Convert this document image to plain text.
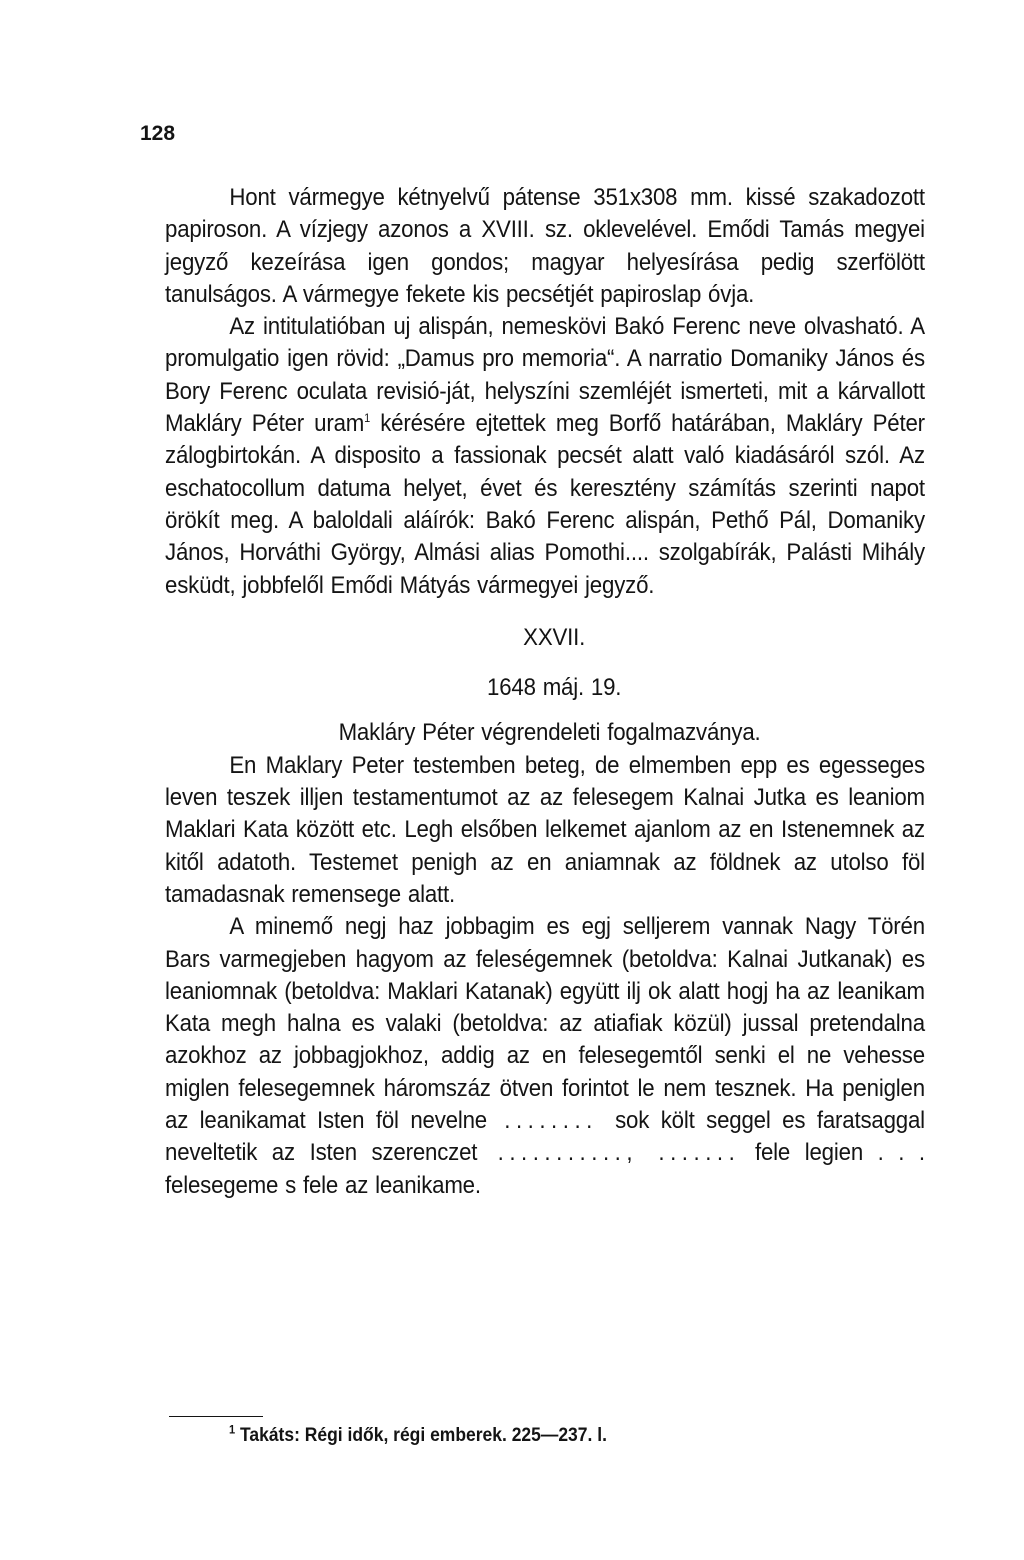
128

Hont vármegye kétnyelvű pátense 351x308 mm. kissé szakadozott papiroson. A vízjegy azonos a XVIII. sz. oklevelével. Emődi Tamás megyei jegyző kezeírása igen gondos; magyar helyesírása pedig szerfölött tanulságos. A vármegye fekete kis pecsétjét papiroslap óvja.

Az intitulatióban uj alispán, nemeskövi Bakó Ferenc neve olvasható. A promulgatio igen rövid: „Damus pro memoria“. A narratio Domaniky János és Bory Ferenc oculata revisió-ját, helyszíni szemléjét ismerteti, mit a kárvallott Makláry Péter uram$^1$ kérésére ejtettek meg Borfő határában, Makláry Péter zálogbirtokán. A disposito a fassionak pecsét alatt való kiadásáról szól. Az eschatocollum datuma helyet, évet és keresztény számítás szerinti napot örökít meg. A baloldali aláírók: Bakó Ferenc alispán, Pethő Pál, Domaniky János, Horváthi György, Almási alias Pomothi.... szolgabírák, Palásti Mihály esküdt, jobbfelől Emődi Mátyás vármegyei jegyző.

XXVII.

1648 máj. 19.

Makláry Péter végrendeleti fogalmazványa.

En Maklary Peter testemben beteg, de elmemben epp es egesseges leven teszek illjen testamentumot az az felesegem Kalnai Jutka es leaniom Maklari Kata között etc. Legh elsőben lelkemet ajanlom az en Istenemnek az kitől adatoth. Testemet penigh az en aniamnak az földnek az utolso föl tamadasnak remensege alatt.

A minemő negj haz jobbagim es egj selljerem vannak Nagy Törén Bars varmegjeben hagyom az feleségemnek (betoldva: Kalnai Jutkanak) es leaniomnak (betoldva: Maklari Katanak) együtt ilj ok alatt hogj ha az leanikam Kata megh halna es valaki (betoldva: az atiafiak közül) jussal pretendalna azokhoz az jobbagjokhoz, addig az en felesegemtől senki el ne vehesse miglen felesegemnek háromszáz ötven forintot le nem tesznek. Ha peniglen az leanikamat Isten föl nevelne ........ sok költ seggel es faratsaggal neveltetik az Isten szerenczet ..........., ....... fele legien . . . felesegeme s fele az leanikame.

$^1$ Takáts: Régi idők, régi emberek. 225—237. l.
